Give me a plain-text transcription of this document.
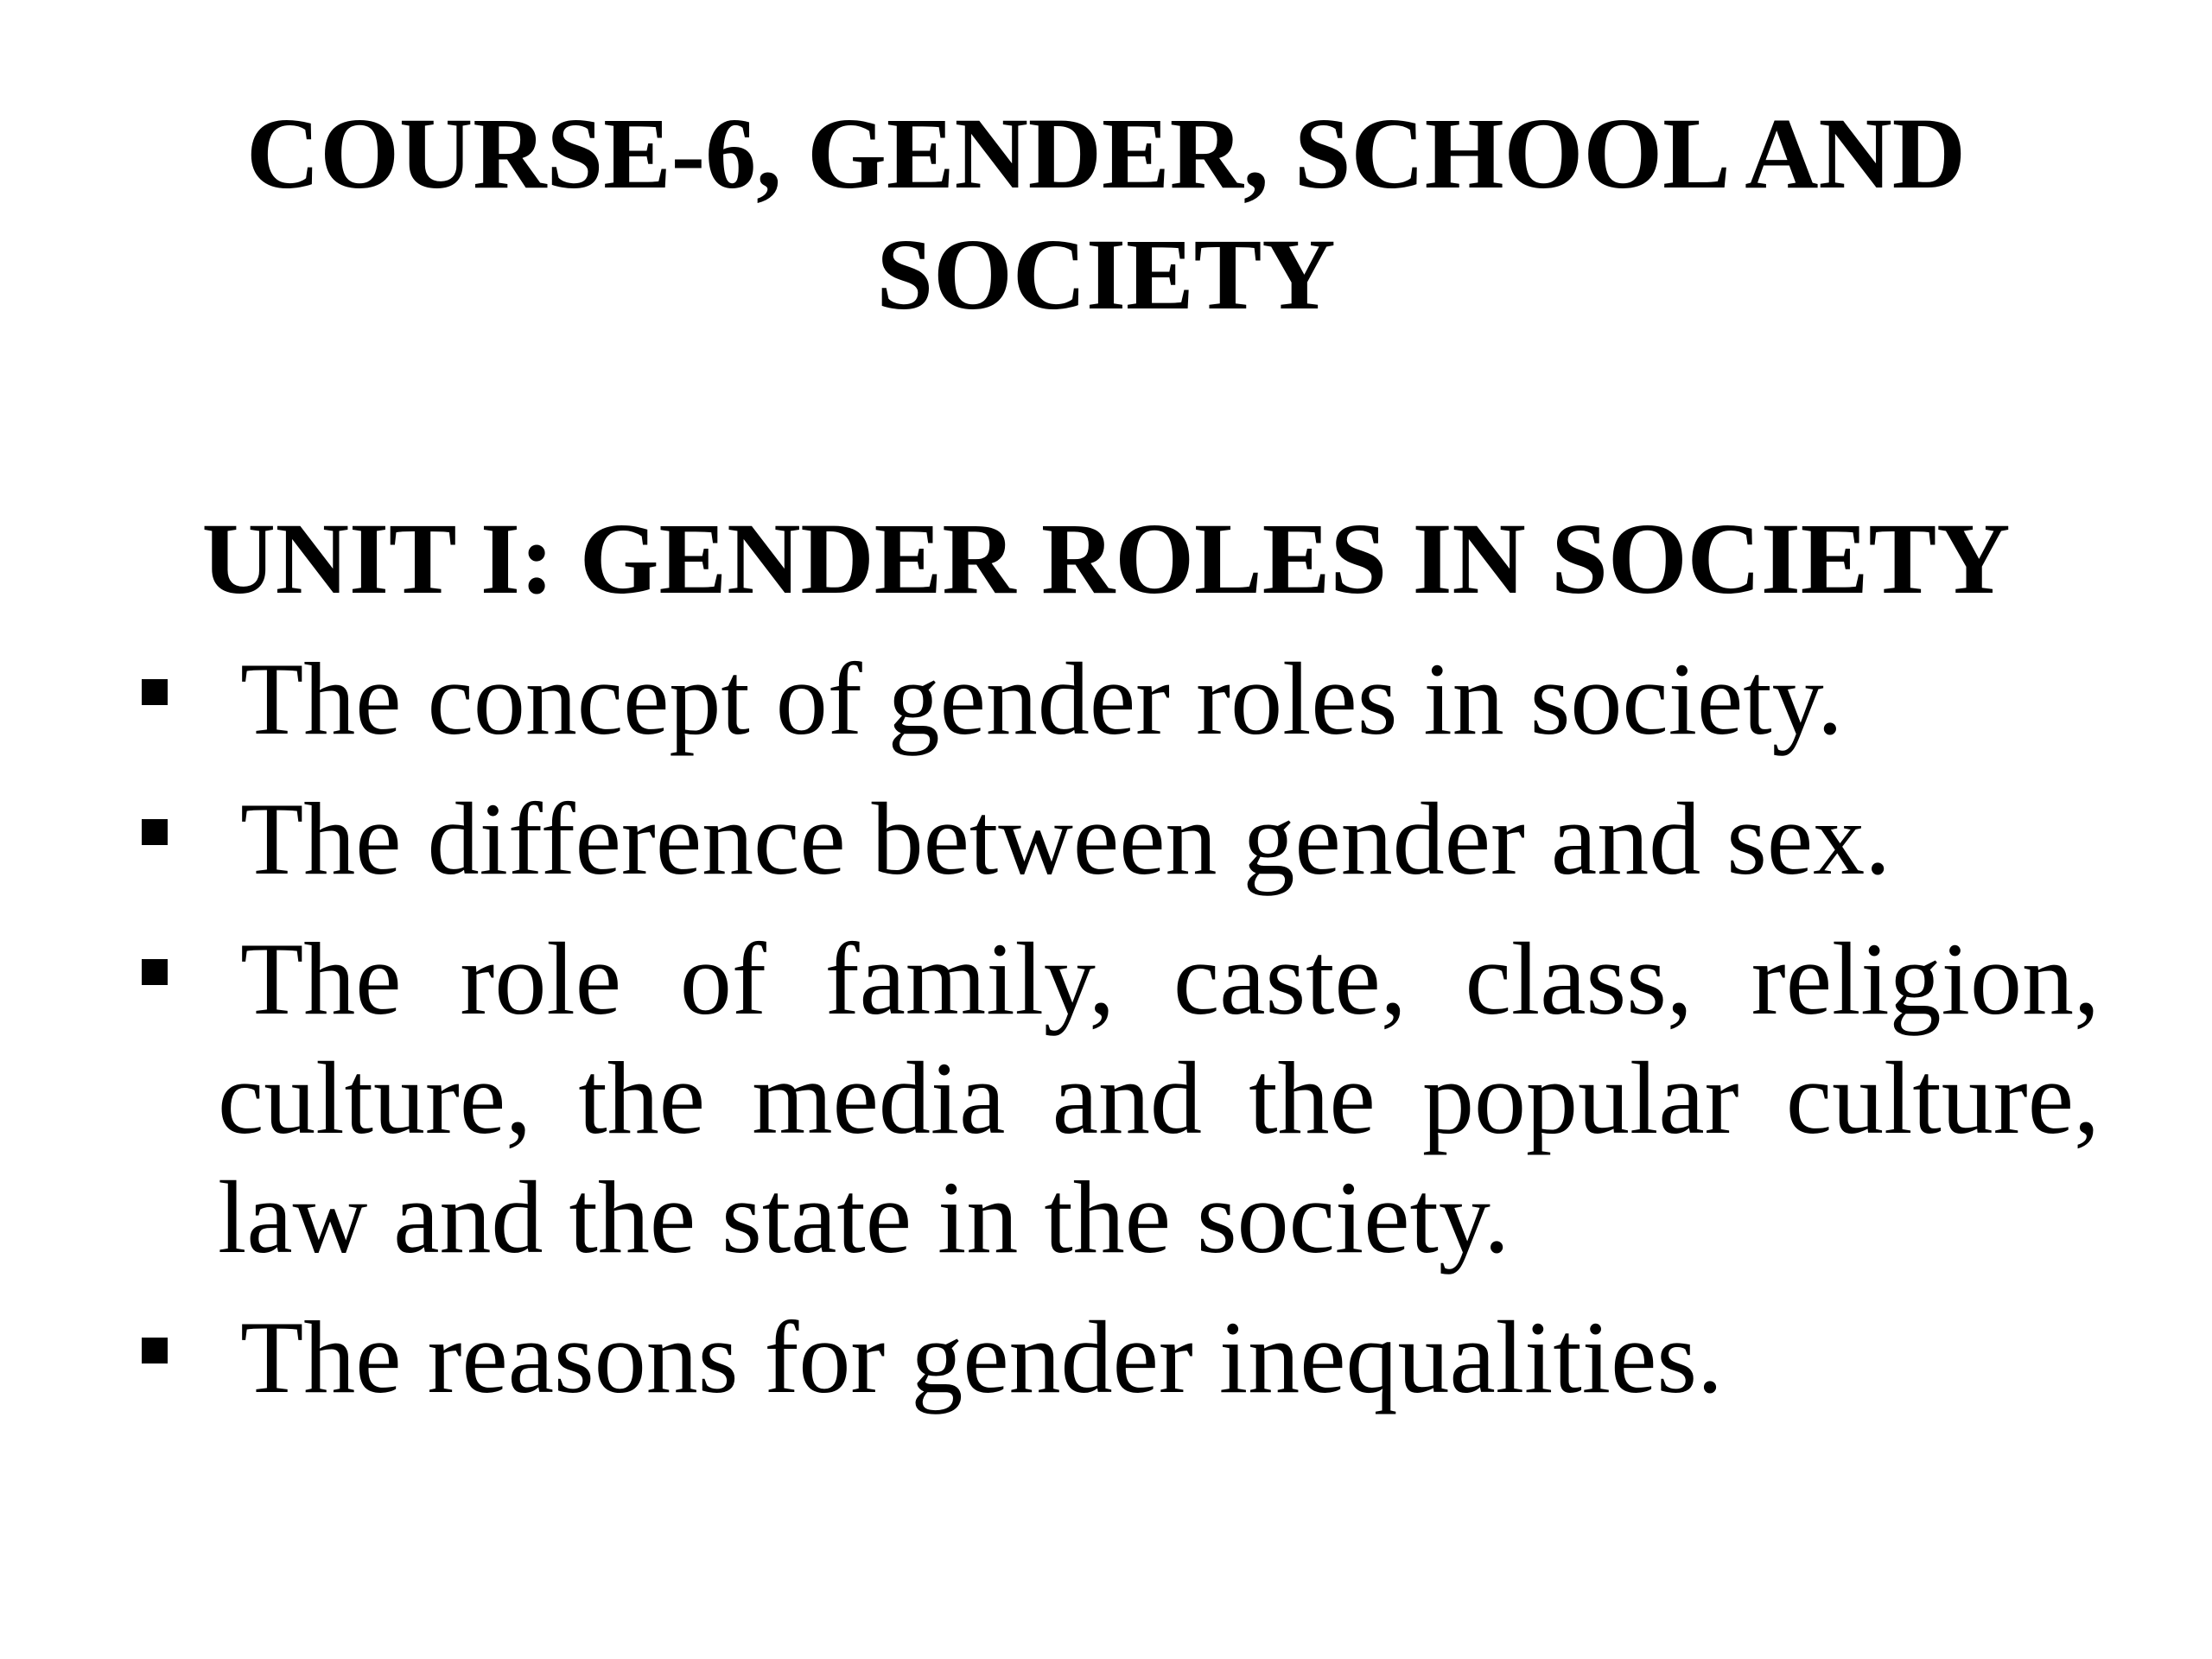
COURSE-6, GENDER, SCHOOL AND
SOCIETY
UNIT I: GENDER ROLES IN SOCIETY
The concept of gender roles in society.
The difference between gender and sex.
The role of family, caste, class, religion, culture, the media and the popular culture, law and the state in the society.
The reasons for gender inequalities.
